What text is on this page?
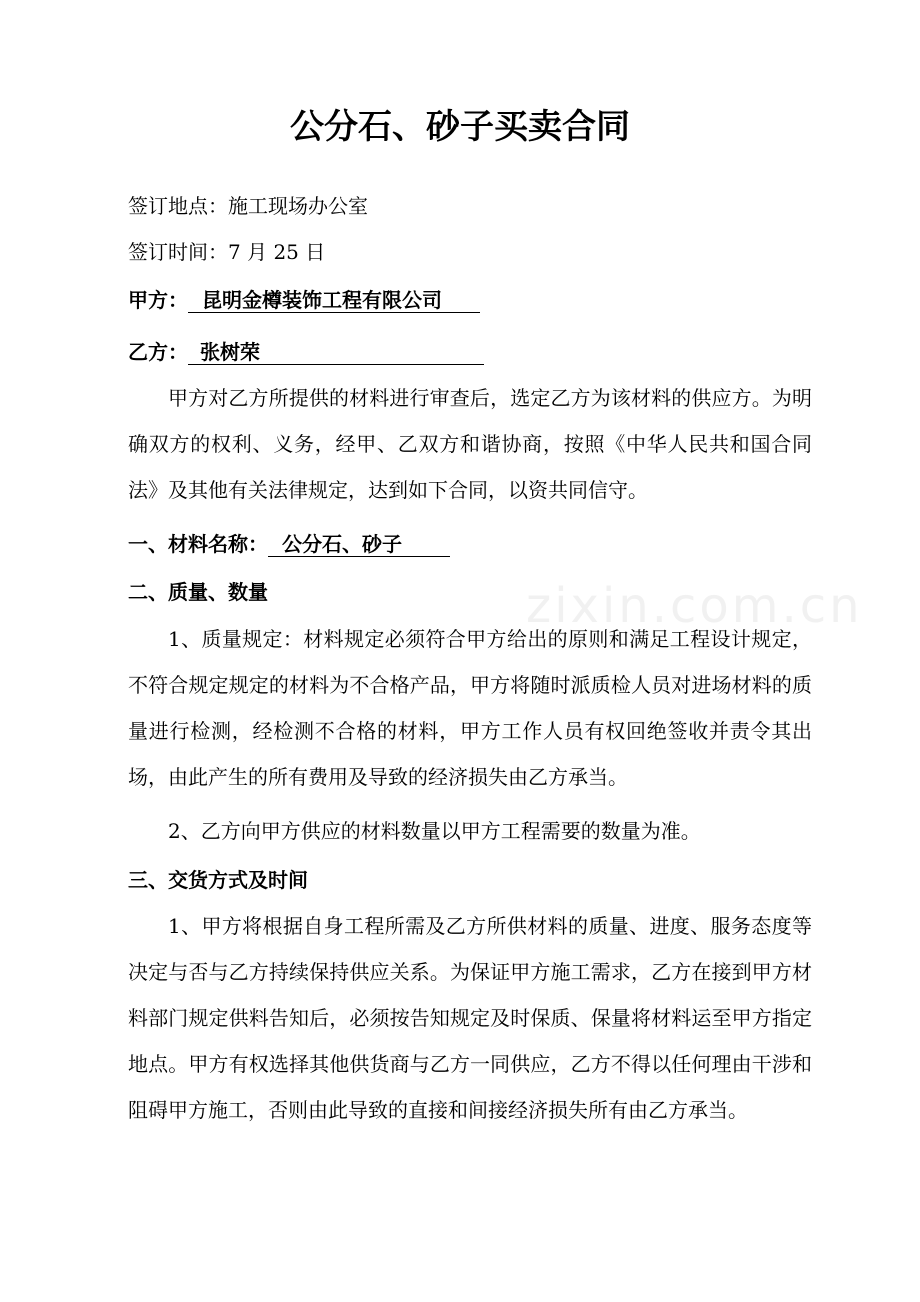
公分石、砂子买卖合同
签订地点：施工现场办公室
签订时间：7 月 25 日
甲方： 昆明金樽装饰工程有限公司
乙方： 张树荣
甲方对乙方所提供的材料进行审查后，选定乙方为该材料的供应方。为明确双方的权利、义务，经甲、乙双方和谐协商，按照《中华人民共和国合同法》及其他有关法律规定，达到如下合同，以资共同信守。
一、材料名称： 公分石、砂子
二、质量、数量
1、质量规定：材料规定必须符合甲方给出的原则和满足工程设计规定，不符合规定规定的材料为不合格产品，甲方将随时派质检人员对进场材料的质量进行检测，经检测不合格的材料，甲方工作人员有权回绝签收并责令其出场，由此产生的所有费用及导致的经济损失由乙方承当。
2、乙方向甲方供应的材料数量以甲方工程需要的数量为准。
三、交货方式及时间
1、甲方将根据自身工程所需及乙方所供材料的质量、进度、服务态度等决定与否与乙方持续保持供应关系。为保证甲方施工需求，乙方在接到甲方材料部门规定供料告知后，必须按告知规定及时保质、保量将材料运至甲方指定地点。甲方有权选择其他供货商与乙方一同供应，乙方不得以任何理由干涉和阻碍甲方施工，否则由此导致的直接和间接经济损失所有由乙方承当。
zixin.com.cn
